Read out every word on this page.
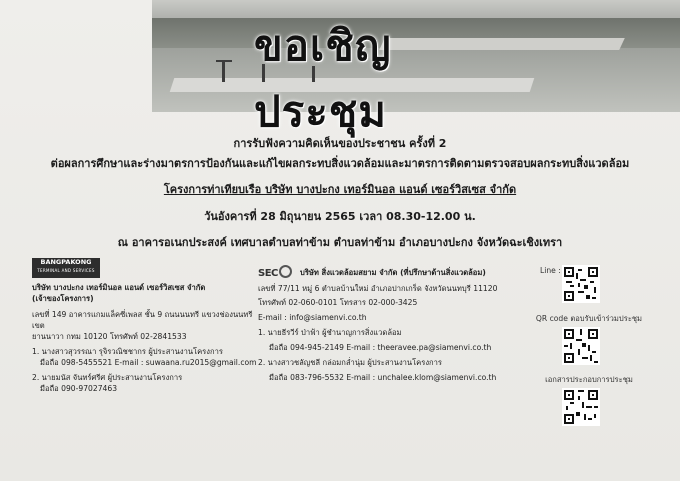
ขอเชิญประชุม
การรับฟังความคิดเห็นของประชาชน ครั้งที่ 2
ต่อผลการศึกษาและร่างมาตรการป้องกันและแก้ไขผลกระทบสิ่งแวดล้อมและมาตรการติดตามตรวจสอบผลกระทบสิ่งแวดล้อม
โครงการท่าเทียบเรือ บริษัท บางปะกง เทอร์มินอล แอนด์ เซอร์วิสเซส จำกัด
วันอังคารที่ 28 มิถุนายน 2565 เวลา 08.30-12.00 น.
ณ อาคารอเนกประสงค์ เทศบาลตำบลท่าข้าม ตำบลท่าข้าม อำเภอบางปะกง จังหวัดฉะเชิงเทรา
BANGPAKONG
TERMINAL AND SERVICES
บริษัท บางปะกง เทอร์มินอล แอนด์ เซอร์วิสเซส จำกัด
(เจ้าของโครงการ)
เลขที่ 149 อาคารแกมแล็คซี่เพลส ชั้น 9 ถนนนนทรี แขวงช่องนนทรี เขต
ยานนาวา กทม 10120 โทรศัพท์ 02-2841533
1. นางสาวสุวรรณา รุจิรวณิชชากร ผู้ประสานงานโครงการ
มือถือ 098-5455521 E-mail : suwaana.ru2015@gmail.com
2. นายมนัส จันทร์ศรีศ ผู้ประสานงานโครงการ
มือถือ 090-97027463
SEC	บริษัท สิ่งแวดล้อมสยาม จำกัด (ที่ปรึกษาด้านสิ่งแวดล้อม)
เลขที่ 77/11 หมู่ 6 ตำบลบ้านใหม่ อำเภอปากเกร็ด จังหวัดนนทบุรี 11120
โทรศัพท์ 02-060-0101 โทรสาร 02-000-3425
E-mail : info@siamenvi.co.th
1. นายธีรวีร์ ป่าฟ้า ผู้ชำนาญการสิ่งแวดล้อม
มือถือ 094-945-2149 E-mail : theeravee.pa@siamenvi.co.th
2. นางสาวชลัญชลี กล่อมกล่ำนุ่ม ผู้ประสานงานโครงการ
มือถือ 083-796-5532 E-mail : unchalee.klom@siamenvi.co.th
Line :
QR code ตอบรับเข้าร่วมประชุม
เอกสารประกอบการประชุม
